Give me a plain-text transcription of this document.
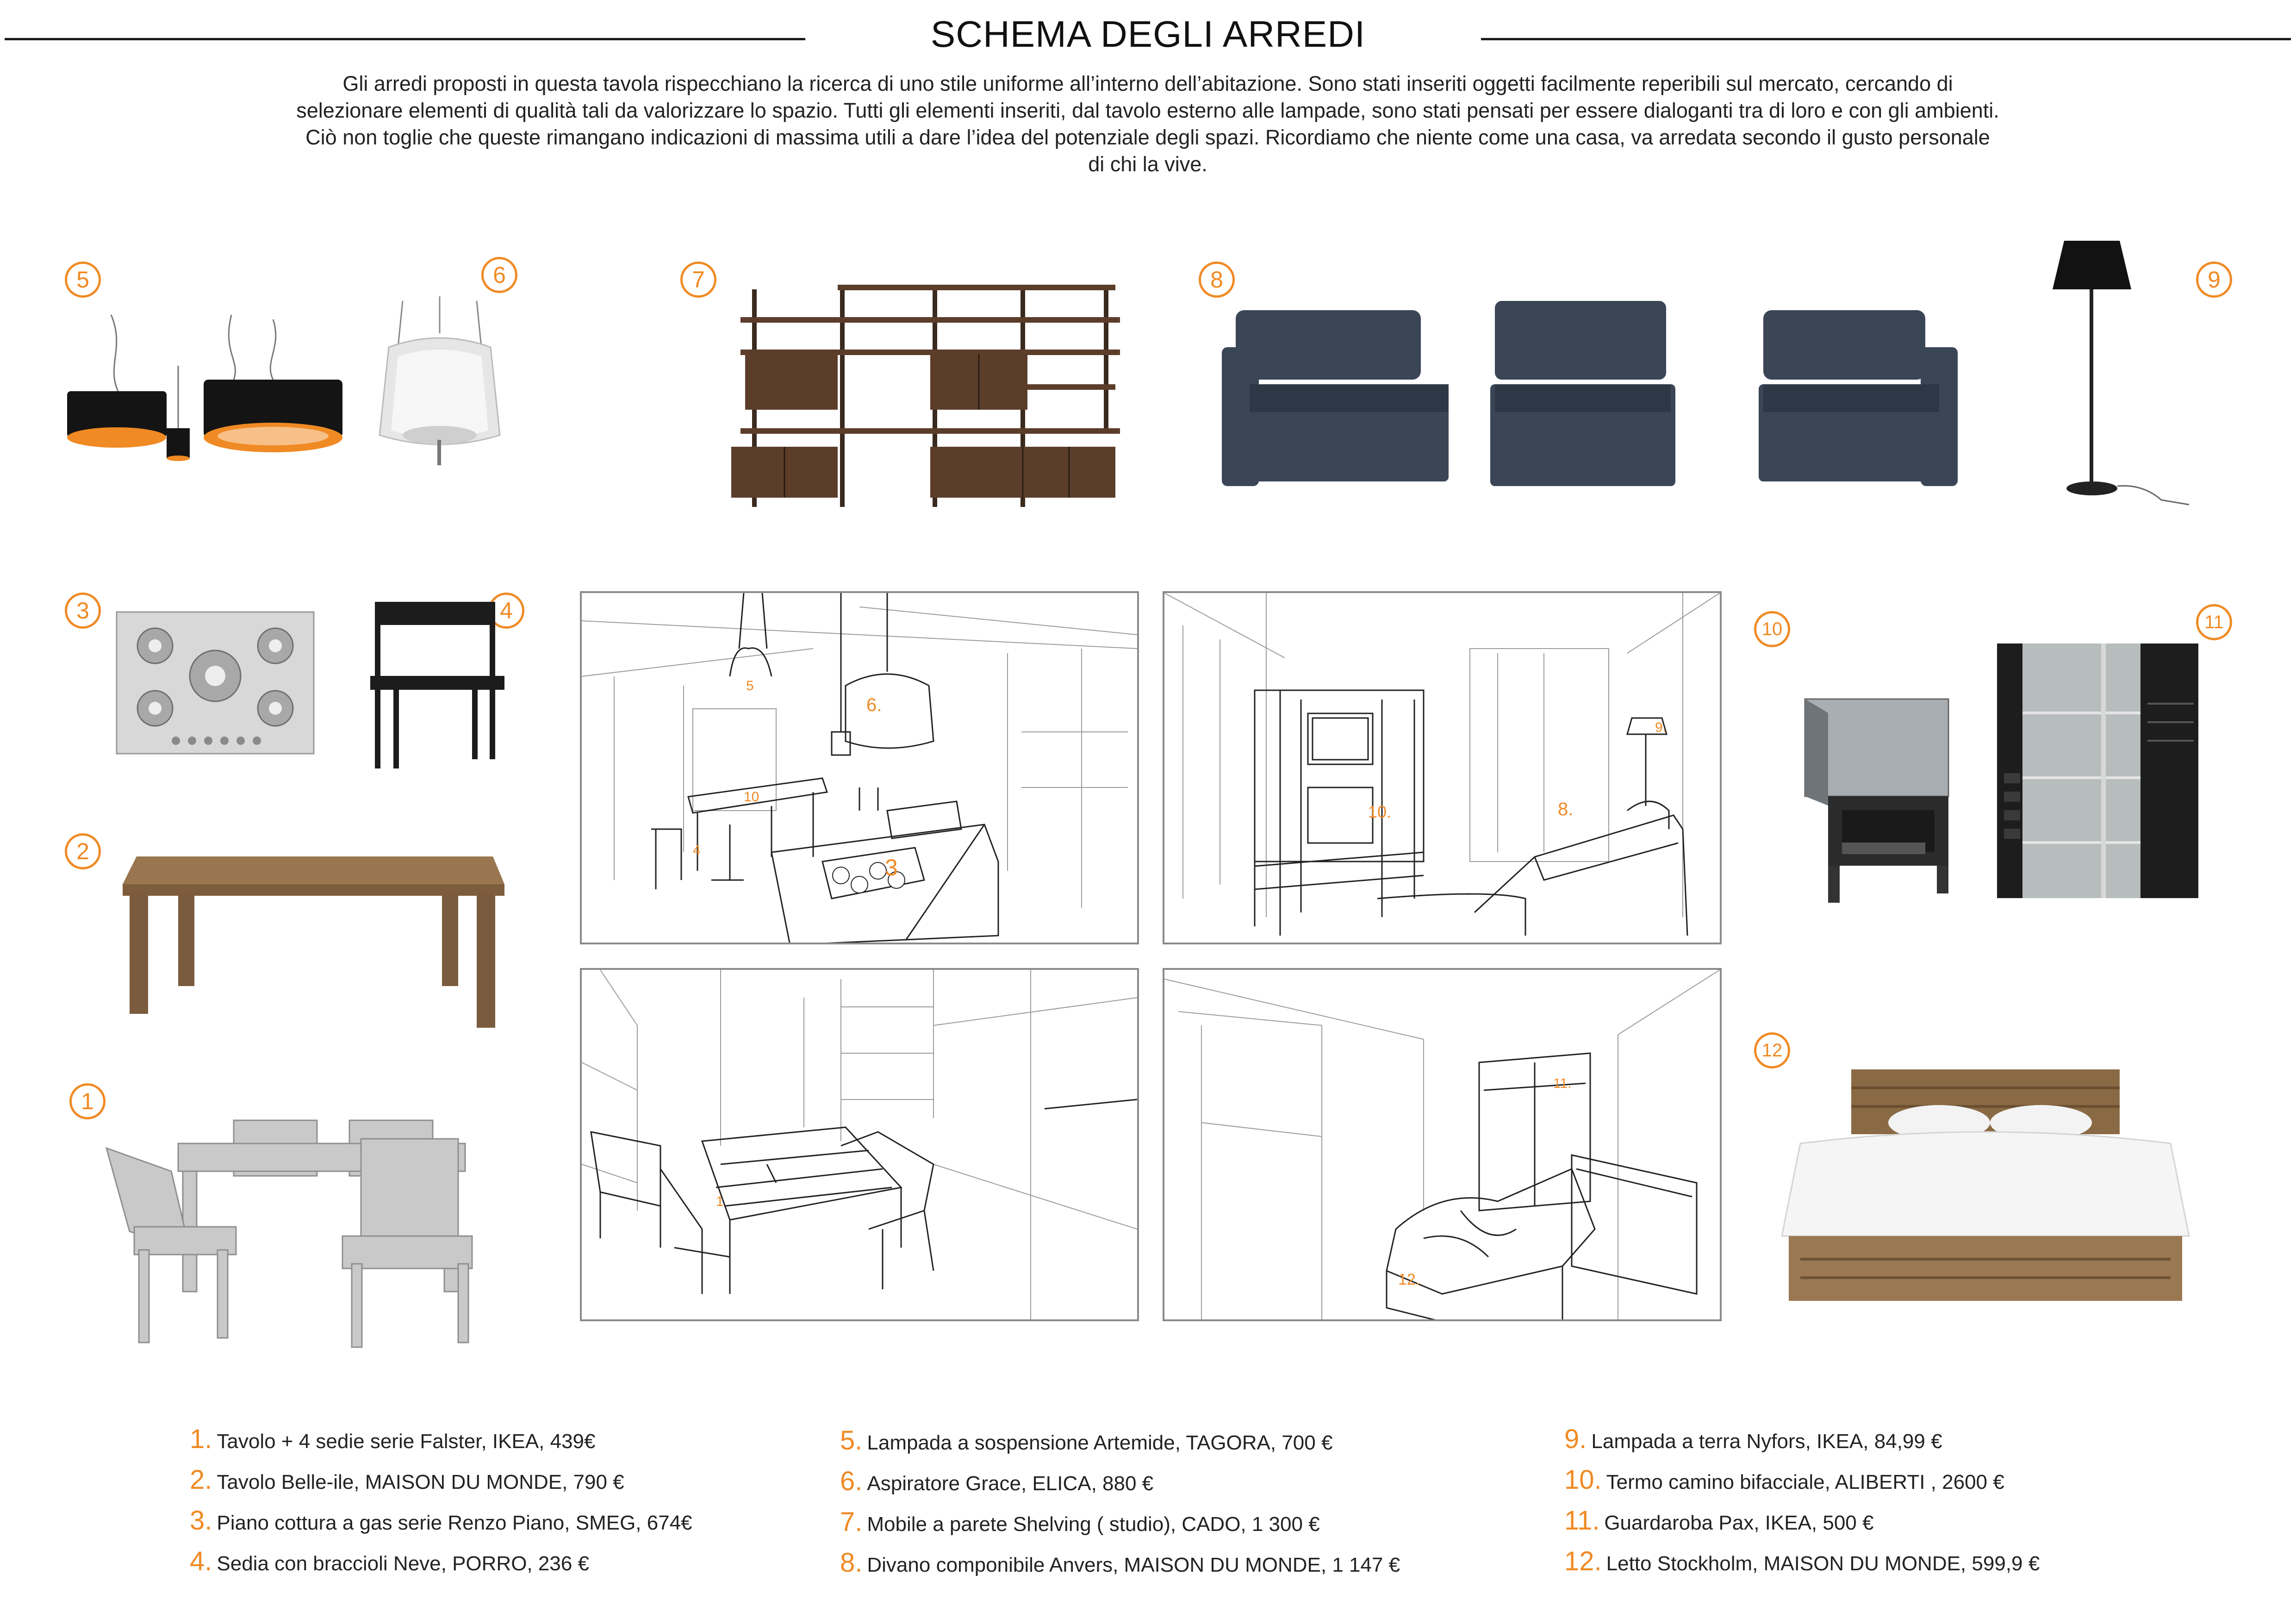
SCHEMA DEGLI ARREDI
Gli arredi proposti in questa tavola rispecchiano la ricerca di uno stile uniforme all’interno dell’abitazione. Sono stati inseriti oggetti facilmente reperibili sul mercato, cercando di
selezionare elementi di qualità tali da valorizzare lo spazio. Tutti gli elementi inseriti, dal tavolo esterno alle lampade, sono stati pensati per essere dialoganti tra di loro e con gli ambienti.
Ciò non toglie che queste rimangano indicazioni di massima utili a dare l’idea del potenziale degli spazi. Ricordiamo che niente come una casa, va arredata secondo il gusto personale
di chi la vive.
5	6	7	8	9
3	4
2
1
10	11
12
5
6.
4
3
10
9.
10.	8.
1
11.
12.
1. Tavolo + 4 sedie serie Falster, IKEA, 439€
2. Tavolo Belle-ile, MAISON DU MONDE, 790 €
3. Piano cottura a gas serie Renzo Piano, SMEG, 674€
4. Sedia con braccioli Neve, PORRO, 236 €
5. Lampada a sospensione Artemide, TAGORA, 700 €
6. Aspiratore Grace, ELICA, 880 €
7. Mobile a parete Shelving ( studio), CADO, 1 300 €
8. Divano componibile Anvers, MAISON DU MONDE, 1 147 €
9. Lampada a terra Nyfors, IKEA, 84,99 €
10. Termo camino bifacciale, ALIBERTI , 2600 €
11. Guardaroba Pax, IKEA, 500 €
12. Letto Stockholm, MAISON DU MONDE, 599,9 €
